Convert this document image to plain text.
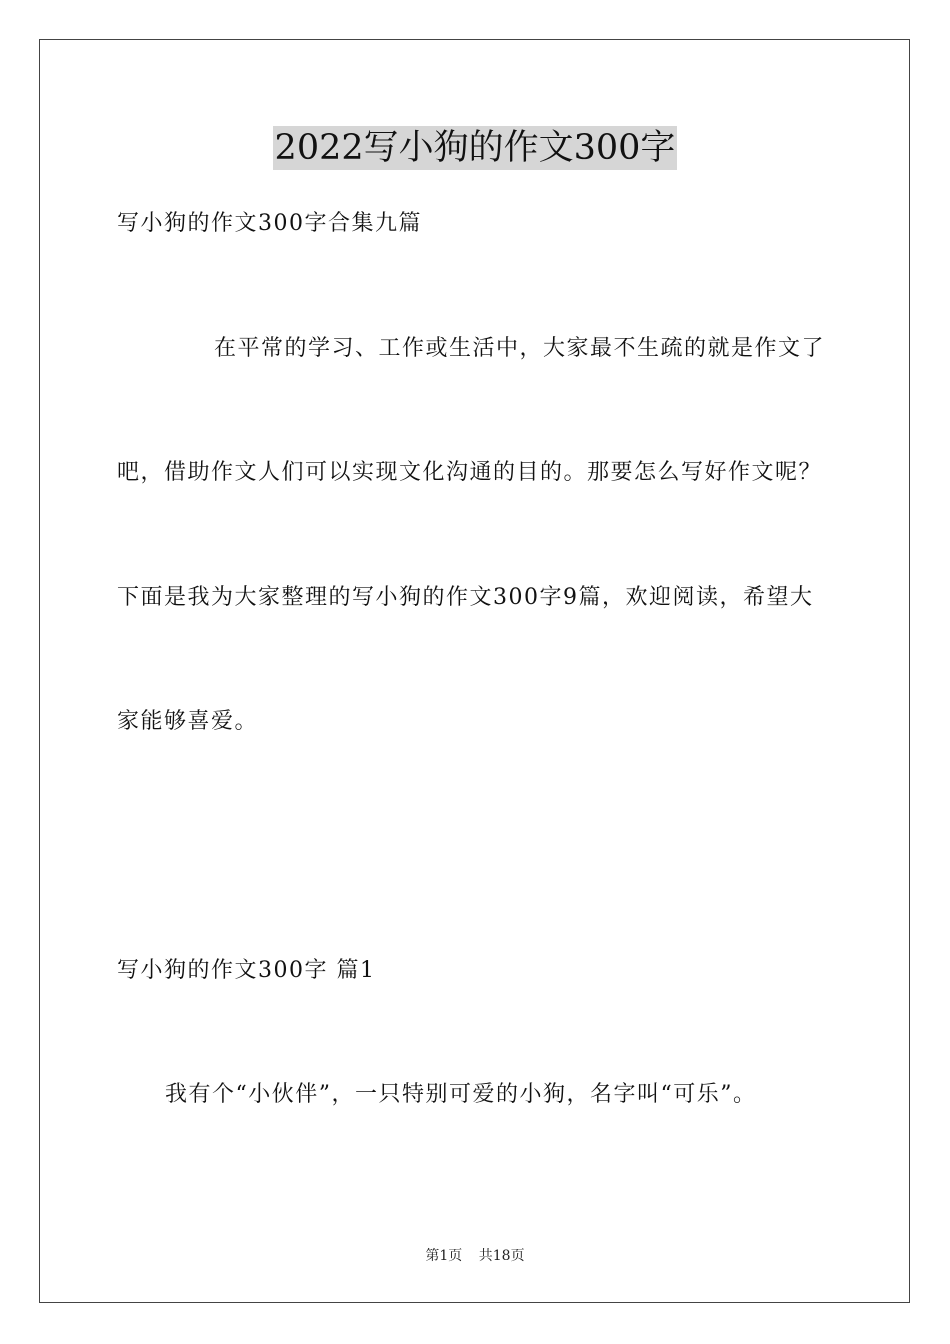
2022写小狗的作文300字
写小狗的作文300字合集九篇
在平常的学习、工作或生活中，大家最不生疏的就是作文了
吧，借助作文人们可以实现文化沟通的目的。那要怎么写好作文呢？
下面是我为大家整理的写小狗的作文300字9篇，欢迎阅读，希望大
家能够喜爱。
写小狗的作文300字 篇1
我有个“小伙伴”，一只特别可爱的小狗，名字叫“可乐”。
第1页 共18页
